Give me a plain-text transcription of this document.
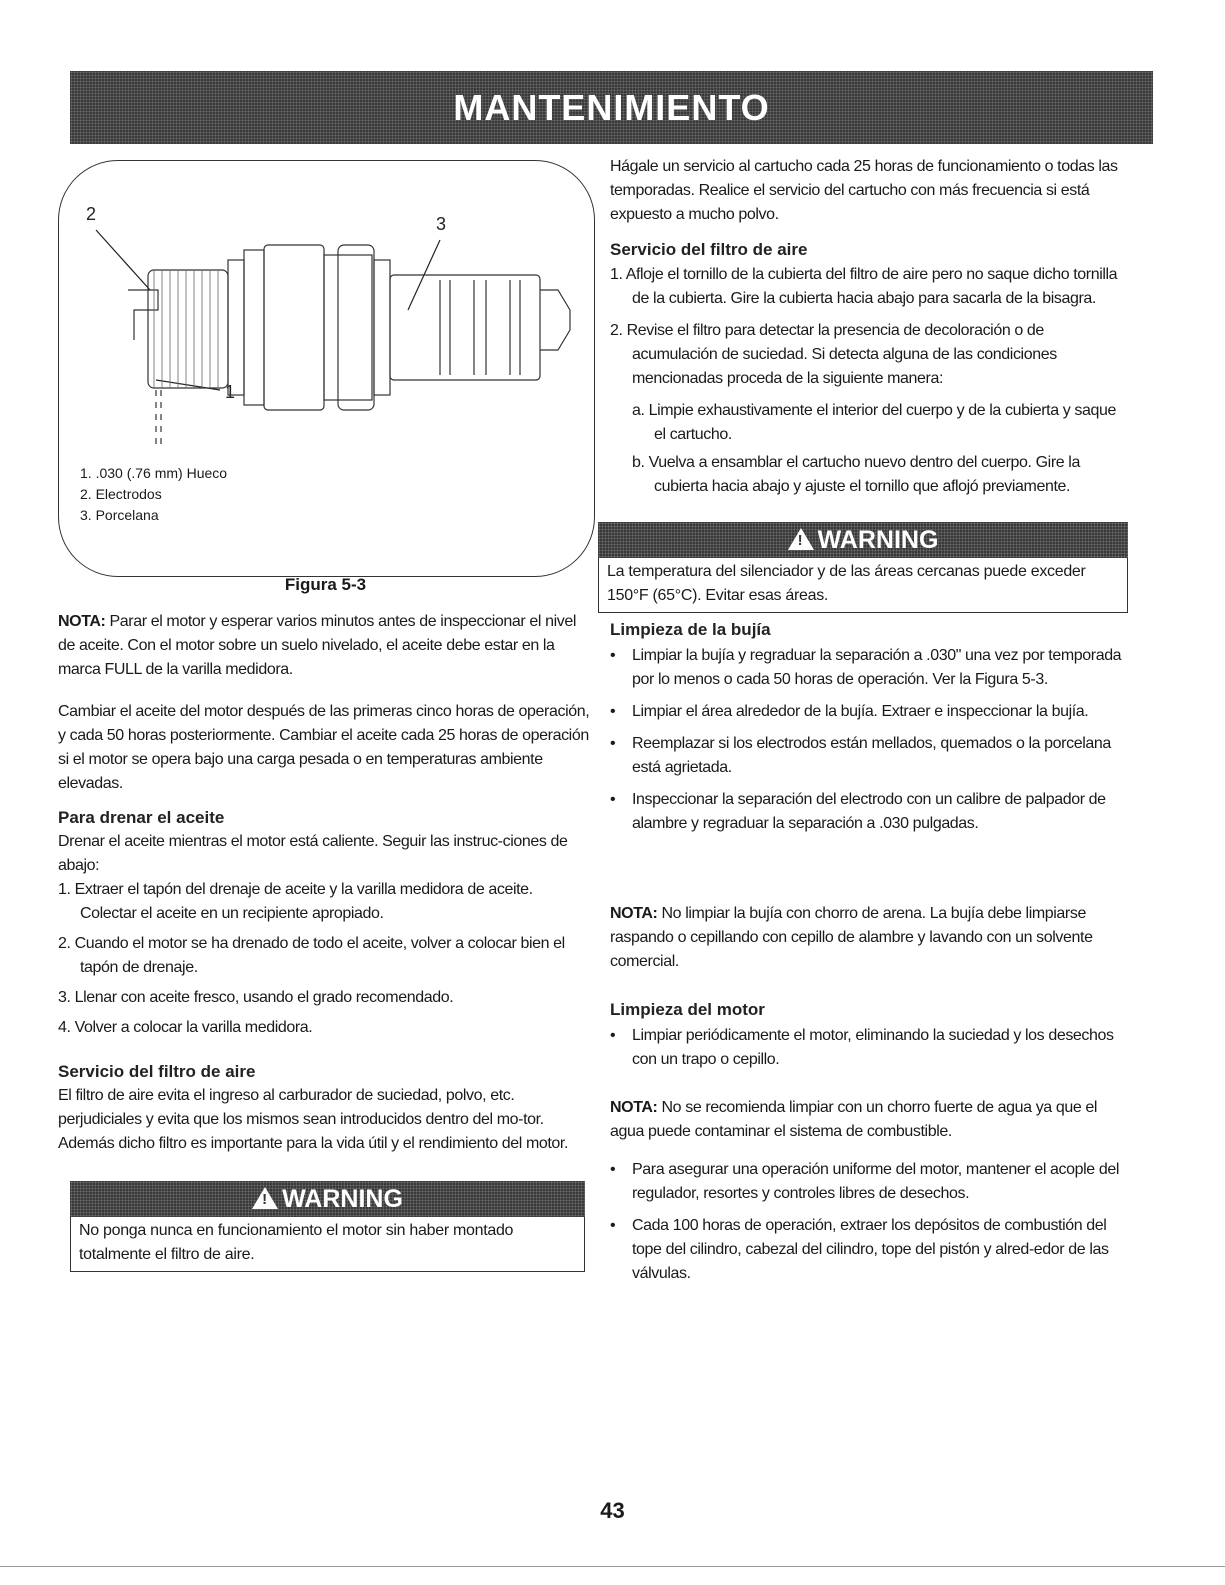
MANTENIMIENTO
2	3
1
1. .030 (.76 mm) Hueco
2. Electrodos
3. Porcelana
Figura 5-3

NOTA: Parar el motor y esperar varios minutos antes de inspeccionar el nivel de aceite. Con el motor sobre un suelo nivelado, el aceite debe estar en la marca FULL de la varilla medidora.

Cambiar el aceite del motor después de las primeras cinco horas de operación, y cada 50 horas posteriormente. Cambiar el aceite cada 25 horas de operación si el motor se opera bajo una carga pesada o en temperaturas ambiente elevadas.

Para drenar el aceite

Drenar el aceite mientras el motor está caliente. Seguir las instruc-ciones de abajo:

1. Extraer el tapón del drenaje de aceite y la varilla medidora de aceite. Colectar el aceite en un recipiente apropiado.

2. Cuando el motor se ha drenado de todo el aceite, volver a colocar bien el tapón de drenaje.

3. Llenar con aceite fresco, usando el grado recomendado.

4. Volver a colocar la varilla medidora.

Servicio del filtro de aire

El filtro de aire evita el ingreso al carburador de suciedad, polvo, etc. perjudiciales y evita que los mismos sean introducidos dentro del mo-tor. Además dicho filtro es importante para la vida útil y el rendimiento del motor.

!
WARNING
No ponga nunca en funcionamiento el motor sin haber montado totalmente el filtro de aire.

Hágale un servicio al cartucho cada 25 horas de funcionamiento o todas las temporadas. Realice el servicio del cartucho con más frecuencia si está expuesto a mucho polvo.

Servicio del filtro de aire

1. Afloje el tornillo de la cubierta del filtro de aire pero no saque dicho tornilla de la cubierta. Gire la cubierta hacia abajo para sacarla de la bisagra.

2. Revise el filtro para detectar la presencia de decoloración o de acumulación de suciedad. Si detecta alguna de las condiciones mencionadas proceda de la siguiente manera:

a. Limpie exhaustivamente el interior del cuerpo y de la cubierta y saque el cartucho.

b. Vuelva a ensamblar el cartucho nuevo dentro del cuerpo. Gire la cubierta hacia abajo y ajuste el tornillo que aflojó previamente.

!
WARNING
La temperatura del silenciador y de las áreas cercanas puede exceder 150°F (65°C). Evitar esas áreas.
Limpieza de la bujía

• Limpiar la bujía y regraduar la separación a .030" una vez por temporada por lo menos o cada 50 horas de operación. Ver la Figura 5-3.

• Limpiar el área alrededor de la bujía. Extraer e inspeccionar la bujía.

• Reemplazar si los electrodos están mellados, quemados o la porcelana está agrietada.

• Inspeccionar la separación del electrodo con un calibre de palpador de alambre y regraduar la separación a .030 pulgadas.

NOTA: No limpiar la bujía con chorro de arena. La bujía debe limpiarse raspando o cepillando con cepillo de alambre y lavando con un solvente comercial.

Limpieza del motor

• Limpiar periódicamente el motor, eliminando la suciedad y los desechos con un trapo o cepillo.

NOTA: No se recomienda limpiar con un chorro fuerte de agua ya que el agua puede contaminar el sistema de combustible.

• Para asegurar una operación uniforme del motor, mantener el acople del regulador, resortes y controles libres de desechos.

• Cada 100 horas de operación, extraer los depósitos de combustión del tope del cilindro, cabezal del cilindro, tope del pistón y alred-edor de las válvulas.

43
